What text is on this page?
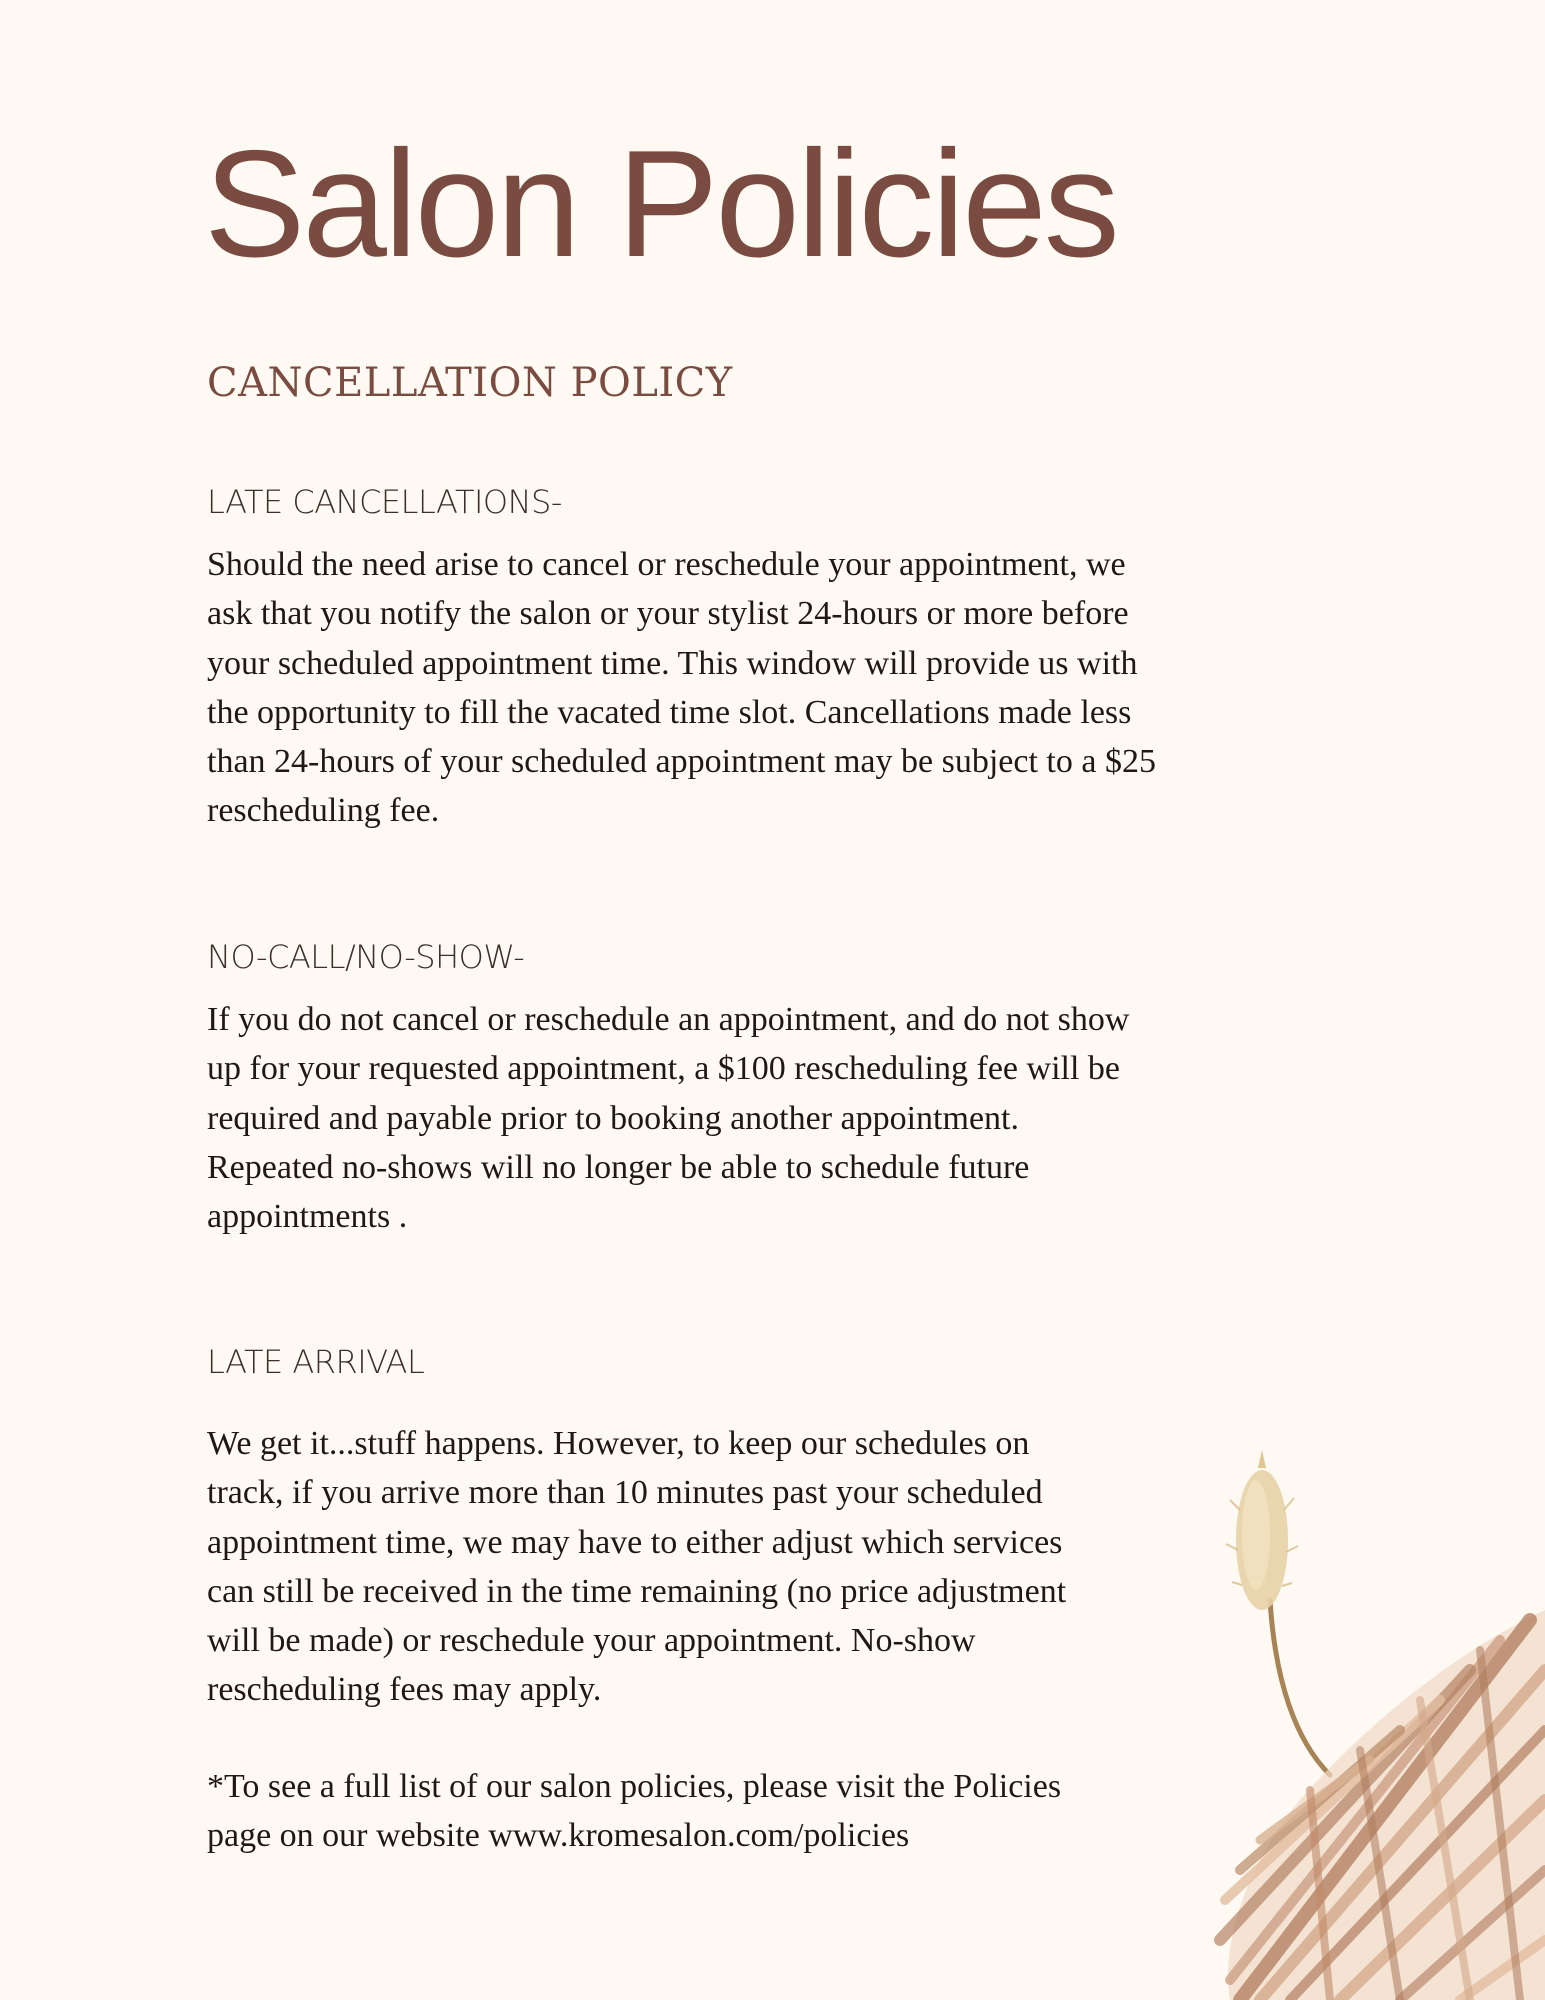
Salon Policies
CANCELLATION POLICY
LATE CANCELLATIONS-
Should the need arise to cancel or reschedule your appointment, we
ask that you notify the salon or your stylist 24-hours or more before
your scheduled appointment time. This window will provide us with
the opportunity to fill the vacated time slot. Cancellations made less
than 24-hours of your scheduled appointment may be subject to a $25
rescheduling fee.
NO-CALL/NO-SHOW-
If you do not cancel or reschedule an appointment, and do not show
up for your requested appointment, a $100 rescheduling fee will be
required and payable prior to booking another appointment.
Repeated no-shows will no longer be able to schedule future
appointments .
LATE ARRIVAL
We get it...stuff happens. However, to keep our schedules on
track, if you arrive more than 10 minutes past your scheduled
appointment time, we may have to either adjust which services
can still be received in the time remaining (no price adjustment
will be made) or reschedule your appointment. No-show
rescheduling fees may apply.
*To see a full list of our salon policies, please visit the Policies
page on our website www.kromesalon.com/policies
